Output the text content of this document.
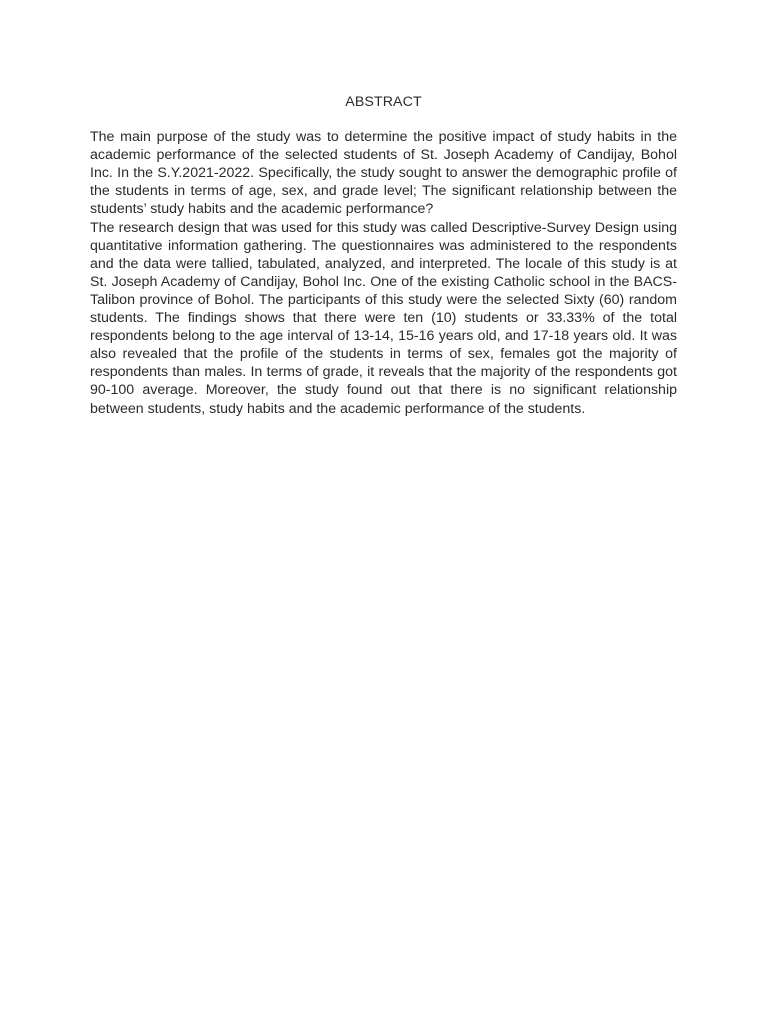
ABSTRACT

The main purpose of the study was to determine the positive impact of study habits in the academic performance of the selected students of St. Joseph Academy of Candijay, Bohol Inc. In the S.Y.2021-2022. Specifically, the study sought to answer the demographic profile of the students in terms of age, sex, and grade level; The significant relationship between the students’ study habits and the academic performance?

The research design that was used for this study was called Descriptive-Survey Design using quantitative information gathering. The questionnaires was administered to the respondents and the data were tallied, tabulated, analyzed, and interpreted. The locale of this study is at St. Joseph Academy of Candijay, Bohol Inc. One of the existing Catholic school in the BACS-Talibon province of Bohol. The participants of this study were the selected Sixty (60) random students. The findings shows that there were ten (10) students or 33.33% of the total respondents belong to the age interval of 13-14, 15-16 years old, and 17-18 years old. It was also revealed that the profile of the students in terms of sex, females got the majority of respondents than males. In terms of grade, it reveals that the majority of the respondents got 90-100 average. Moreover, the study found out that there is no significant relationship between students, study habits and the academic performance of the students.
